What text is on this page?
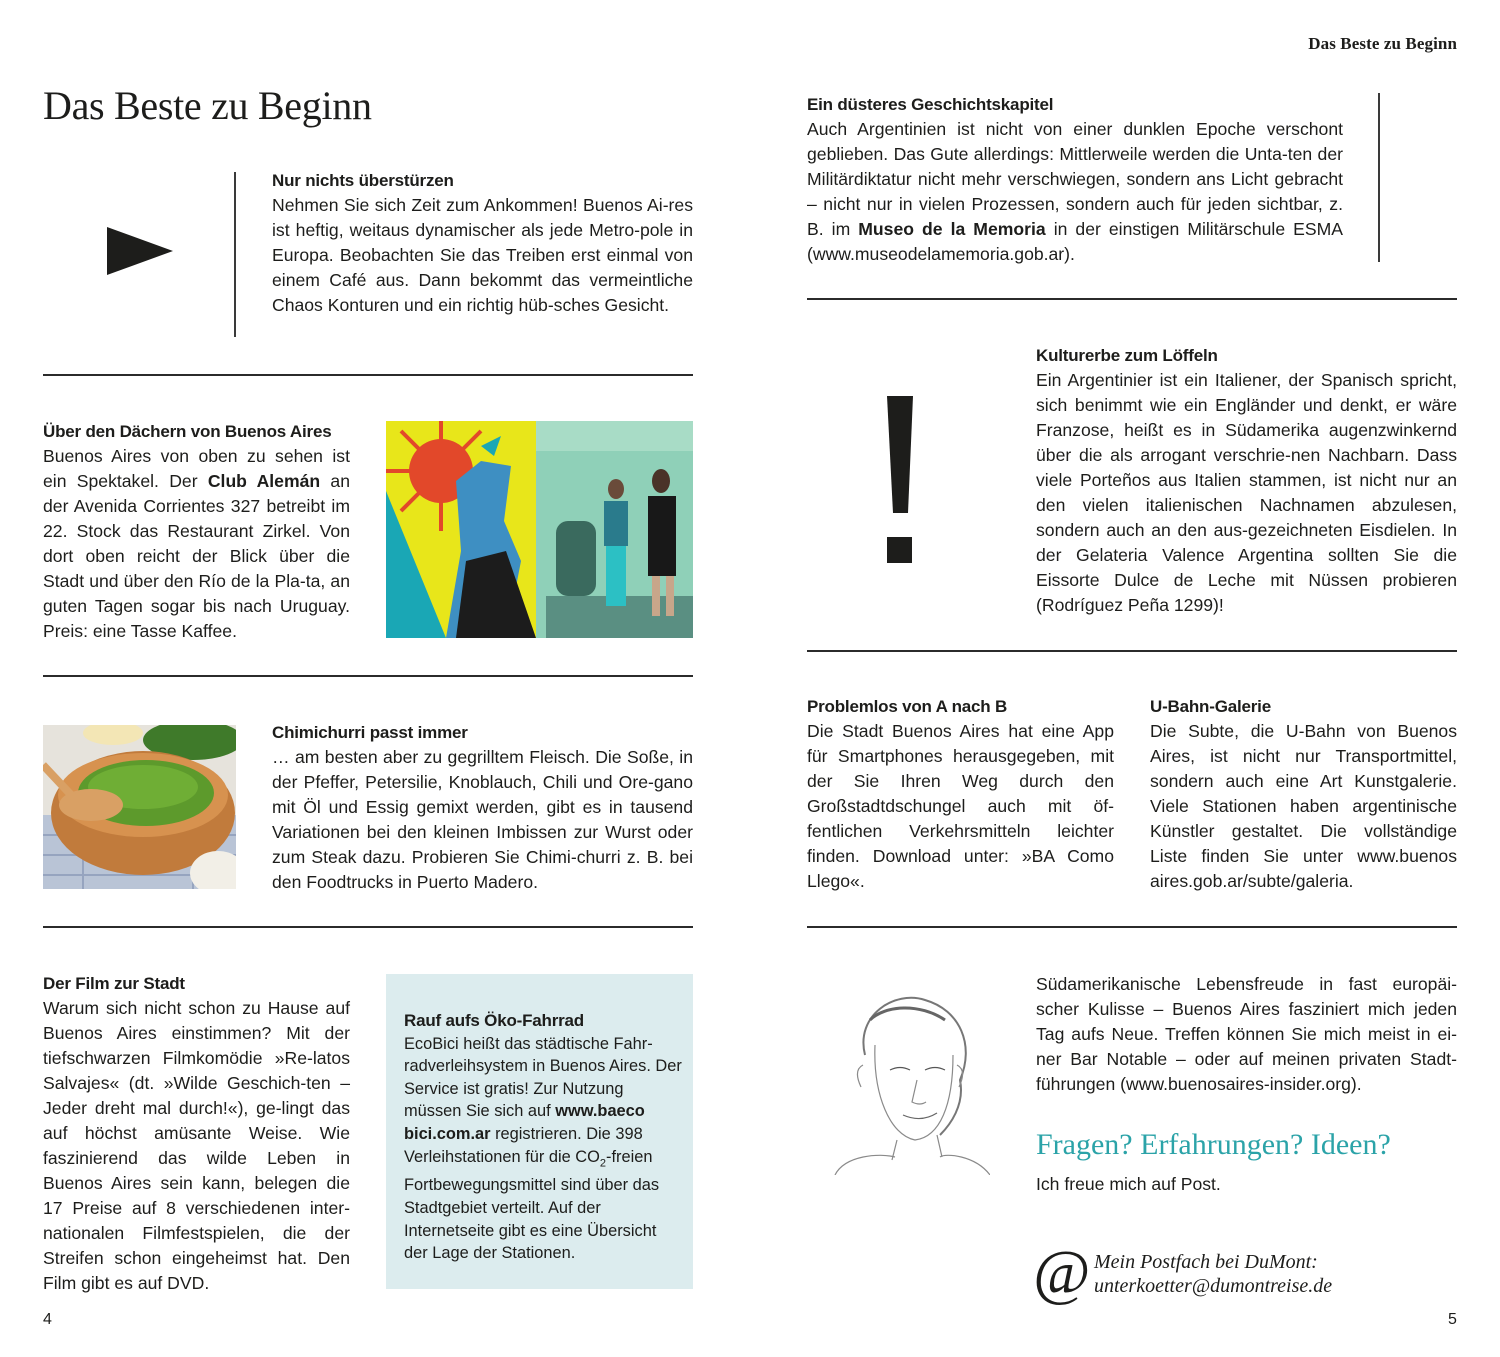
Das Beste zu Beginn
Das Beste zu Beginn
Nur nichts überstürzen
Nehmen Sie sich Zeit zum Ankommen! Buenos Ai-res ist heftig, weitaus dynamischer als jede Metro-pole in Europa. Beobachten Sie das Treiben erst einmal von einem Café aus. Dann bekommt das vermeintliche Chaos Konturen und ein richtig hüb-sches Gesicht.
Über den Dächern von Buenos Aires
Buenos Aires von oben zu sehen ist ein Spektakel. Der Club Alemán an der Avenida Corrientes 327 betreibt im 22. Stock das Restaurant Zirkel. Von dort oben reicht der Blick über die Stadt und über den Río de la Pla-ta, an guten Tagen sogar bis nach Uruguay. Preis: eine Tasse Kaffee.
Chimichurri passt immer
… am besten aber zu gegrilltem Fleisch. Die Soße, in der Pfeffer, Petersilie, Knoblauch, Chili und Ore-gano mit Öl und Essig gemixt werden, gibt es in tausend Variationen bei den kleinen Imbissen zur Wurst oder zum Steak dazu. Probieren Sie Chimi-churri z. B. bei den Foodtrucks in Puerto Madero.
Der Film zur Stadt
Warum sich nicht schon zu Hause auf Buenos Aires einstimmen? Mit der tiefschwarzen Filmkomödie »Re-latos Salvajes« (dt. »Wilde Geschich-ten – Jeder dreht mal durch!«), ge-lingt das auf höchst amüsante Weise. Wie faszinierend das wilde Leben in Buenos Aires sein kann, belegen die 17 Preise auf 8 verschiedenen inter-nationalen Filmfestspielen, die der Streifen schon eingeheimst hat. Den Film gibt es auf DVD.
Rauf aufs Öko-Fahrrad
EcoBici heißt das städtische Fahr-radverleihsystem in Buenos Aires. Der Service ist gratis! Zur Nutzung müssen Sie sich auf www.baeco bici.com.ar registrieren. Die 398 Verleihstationen für die $CO_2$-freien Fortbewegungsmittel sind über das Stadtgebiet verteilt. Auf der Internetseite gibt es eine Übersicht der Lage der Stationen.
4
Ein düsteres Geschichtskapitel
Auch Argentinien ist nicht von einer dunklen Epoche verschont geblieben. Das Gute allerdings: Mittlerweile werden die Unta-ten der Militärdiktatur nicht mehr verschwiegen, sondern ans Licht gebracht – nicht nur in vielen Prozessen, sondern auch für jeden sichtbar, z. B. im Museo de la Memoria in der einstigen Militärschule ESMA (www.museodelamemoria.gob.ar).
Kulturerbe zum Löffeln
Ein Argentinier ist ein Italiener, der Spanisch spricht, sich benimmt wie ein Engländer und denkt, er wäre Franzose, heißt es in Südamerika augenzwinkernd über die als arrogant verschrie-nen Nachbarn. Dass viele Porteños aus Italien stammen, ist nicht nur an den vielen italienischen Nachnamen abzulesen, sondern auch an den aus-gezeichneten Eisdielen. In der Gelateria Valence Argentina sollten Sie die Eissorte Dulce de Leche mit Nüssen probieren (Rodríguez Peña 1299)!
Problemlos von A nach B
Die Stadt Buenos Aires hat eine App für Smartphones herausgegeben, mit der Sie Ihren Weg durch den Großstadtdschungel auch mit öf-fentlichen Verkehrsmitteln leichter finden. Download unter: »BA Como Llego«.
U-Bahn-Galerie
Die Subte, die U-Bahn von Buenos Aires, ist nicht nur Transportmittel, sondern auch eine Art Kunstgalerie. Viele Stationen haben argentinische Künstler gestaltet. Die vollständige Liste finden Sie unter www.buenos aires.gob.ar/subte/galeria.
Südamerikanische Lebensfreude in fast europäi-scher Kulisse – Buenos Aires fasziniert mich jeden Tag aufs Neue. Treffen können Sie mich meist in ei-ner Bar Notable – oder auf meinen privaten Stadt-führungen (www.buenosaires-insider.org).
Fragen? Erfahrungen? Ideen?
Ich freue mich auf Post.
@ Mein Postfach bei DuMont:
unterkoetter@dumontreise.de
5
